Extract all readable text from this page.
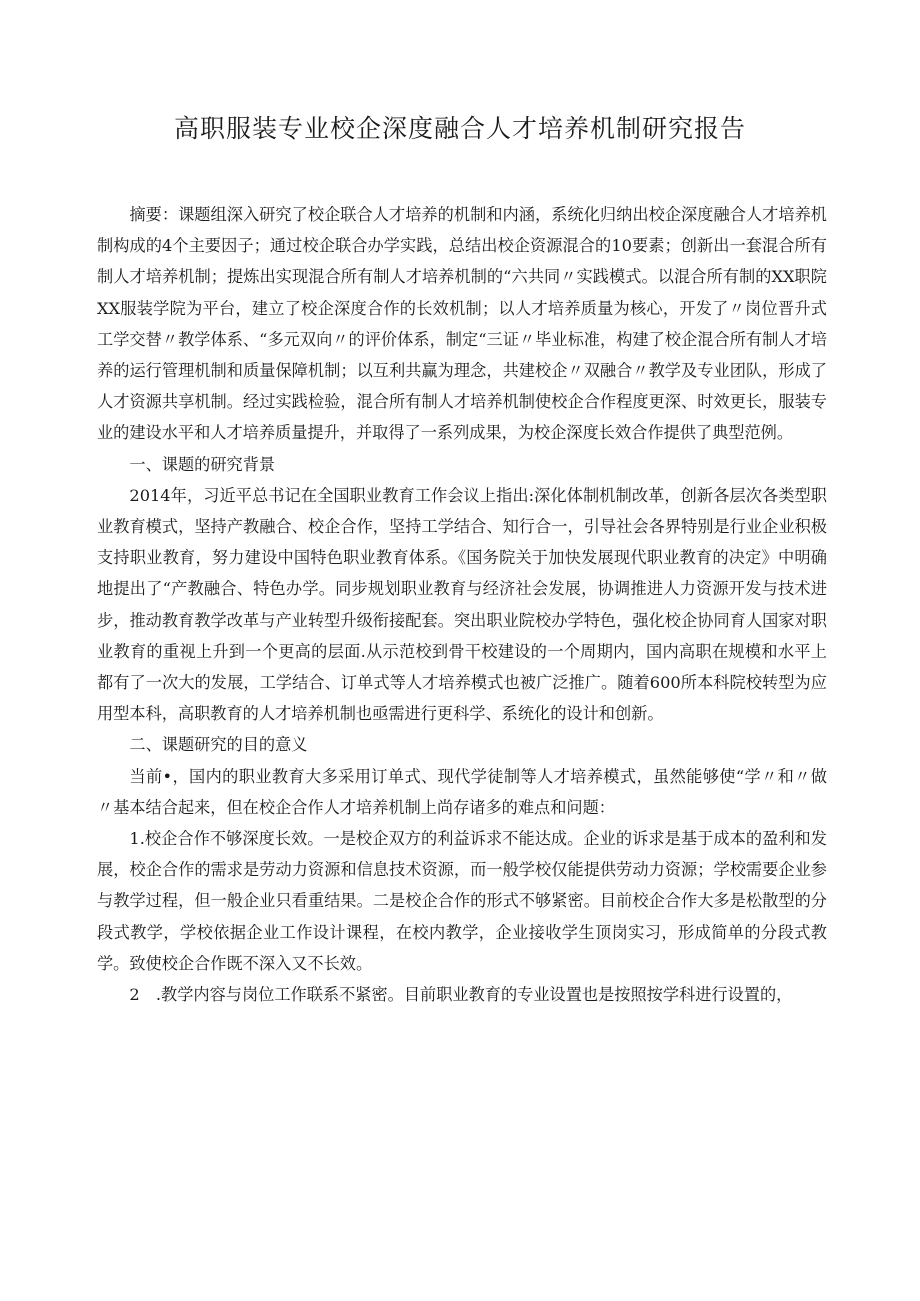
高职服装专业校企深度融合人才培养机制研究报告

摘要：课题组深入研究了校企联合人才培养的机制和内涵，系统化归纳出校企深度融合人才培养机制构成的4个主要因子；通过校企联合办学实践，总结出校企资源混合的10要素；创新出一套混合所有制人才培养机制；提炼出实现混合所有制人才培养机制的“六共同〃实践模式。以混合所有制的XX职院XX服装学院为平台，建立了校企深度合作的长效机制；以人才培养质量为核心，开发了〃岗位晋升式工学交替〃教学体系、“多元双向〃的评价体系，制定“三证〃毕业标准，构建了校企混合所有制人才培养的运行管理机制和质量保障机制；以互利共赢为理念，共建校企〃双融合〃教学及专业团队，形成了人才资源共享机制。经过实践检验，混合所有制人才培养机制使校企合作程度更深、时效更长，服装专业的建设水平和人才培养质量提升，并取得了一系列成果，为校企深度长效合作提供了典型范例。

一、课题的研究背景

2014年，习近平总书记在全国职业教育工作会议上指出:深化体制机制改革，创新各层次各类型职业教育模式，坚持产教融合、校企合作，坚持工学结合、知行合一，引导社会各界特别是行业企业积极支持职业教育，努力建设中国特色职业教育体系。《国务院关于加快发展现代职业教育的决定》中明确地提出了“产教融合、特色办学。同步规划职业教育与经济社会发展，协调推进人力资源开发与技术进步，推动教育教学改革与产业转型升级衔接配套。突出职业院校办学特色，强化校企协同育人国家对职业教育的重视上升到一个更高的层面.从示范校到骨干校建设的一个周期内，国内高职在规模和水平上都有了一次大的发展，工学结合、订单式等人才培养模式也被广泛推广。随着600所本科院校转型为应用型本科，高职教育的人才培养机制也亟需进行更科学、系统化的设计和创新。

二、课题研究的目的意义

当前•，国内的职业教育大多采用订单式、现代学徒制等人才培养模式，虽然能够使“学〃和〃做〃基本结合起来，但在校企合作人才培养机制上尚存诸多的难点和问题：

1.校企合作不够深度长效。一是校企双方的利益诉求不能达成。企业的诉求是基于成本的盈利和发展，校企合作的需求是劳动力资源和信息技术资源，而一般学校仅能提供劳动力资源；学校需要企业参与教学过程，但一般企业只看重结果。二是校企合作的形式不够紧密。目前校企合作大多是松散型的分段式教学，学校依据企业工作设计课程，在校内教学，企业接收学生顶岗实习，形成简单的分段式教学。致使校企合作既不深入又不长效。

2　.教学内容与岗位工作联系不紧密。目前职业教育的专业设置也是按照按学科进行设置的，
